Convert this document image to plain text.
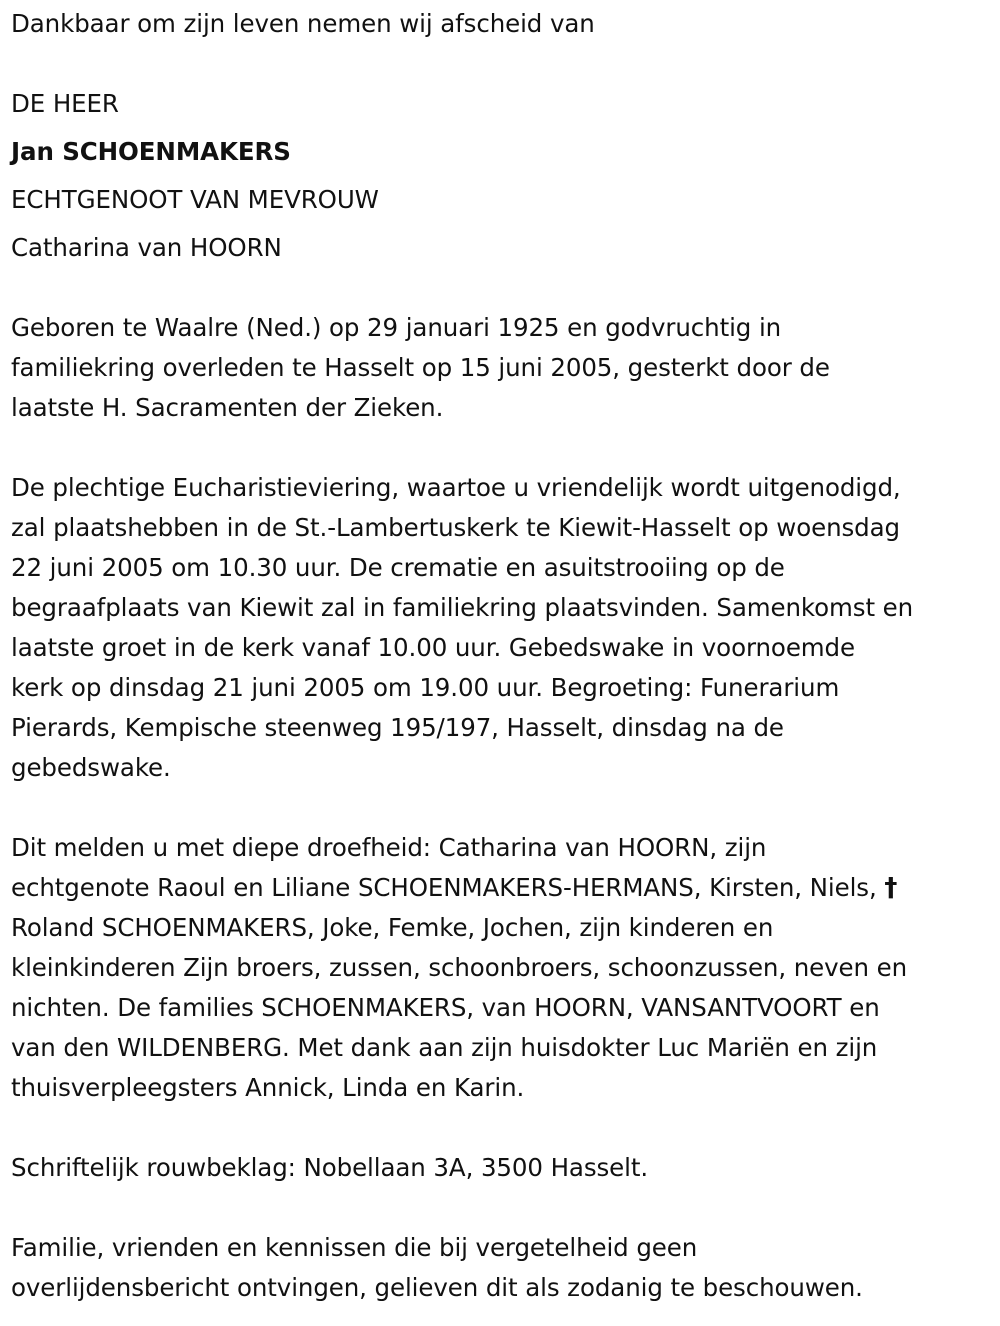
Dankbaar om zijn leven nemen wij afscheid van

DE HEER

Jan SCHOENMAKERS

ECHTGENOOT VAN MEVROUW

Catharina van HOORN

Geboren te Waalre (Ned.) op 29 januari 1925 en godvruchtig in
familiekring overleden te Hasselt op 15 juni 2005, gesterkt door de
laatste H. Sacramenten der Zieken.
De plechtige Eucharistieviering, waartoe u vriendelijk wordt uitgenodigd,
zal plaatshebben in de St.-Lambertuskerk te Kiewit-Hasselt op woensdag
22 juni 2005 om 10.30 uur. De crematie en asuitstrooiing op de
begraafplaats van Kiewit zal in familiekring plaatsvinden. Samenkomst en
laatste groet in de kerk vanaf 10.00 uur. Gebedswake in voornoemde
kerk op dinsdag 21 juni 2005 om 19.00 uur. Begroeting: Funerarium
Pierards, Kempische steenweg 195/197, Hasselt, dinsdag na de
gebedswake.
Dit melden u met diepe droefheid: Catharina van HOORN, zijn
echtgenote Raoul en Liliane SCHOENMAKERS-HERMANS, Kirsten, Niels, †
Roland SCHOENMAKERS, Joke, Femke, Jochen, zijn kinderen en
kleinkinderen Zijn broers, zussen, schoonbroers, schoonzussen, neven en
nichten. De families SCHOENMAKERS, van HOORN, VANSANTVOORT en
van den WILDENBERG. Met dank aan zijn huisdokter Luc Mariën en zijn
thuisverpleegsters Annick, Linda en Karin.
Schriftelijk rouwbeklag: Nobellaan 3A, 3500 Hasselt.
Familie, vrienden en kennissen die bij vergetelheid geen
overlijdensbericht ontvingen, gelieven dit als zodanig te beschouwen.
